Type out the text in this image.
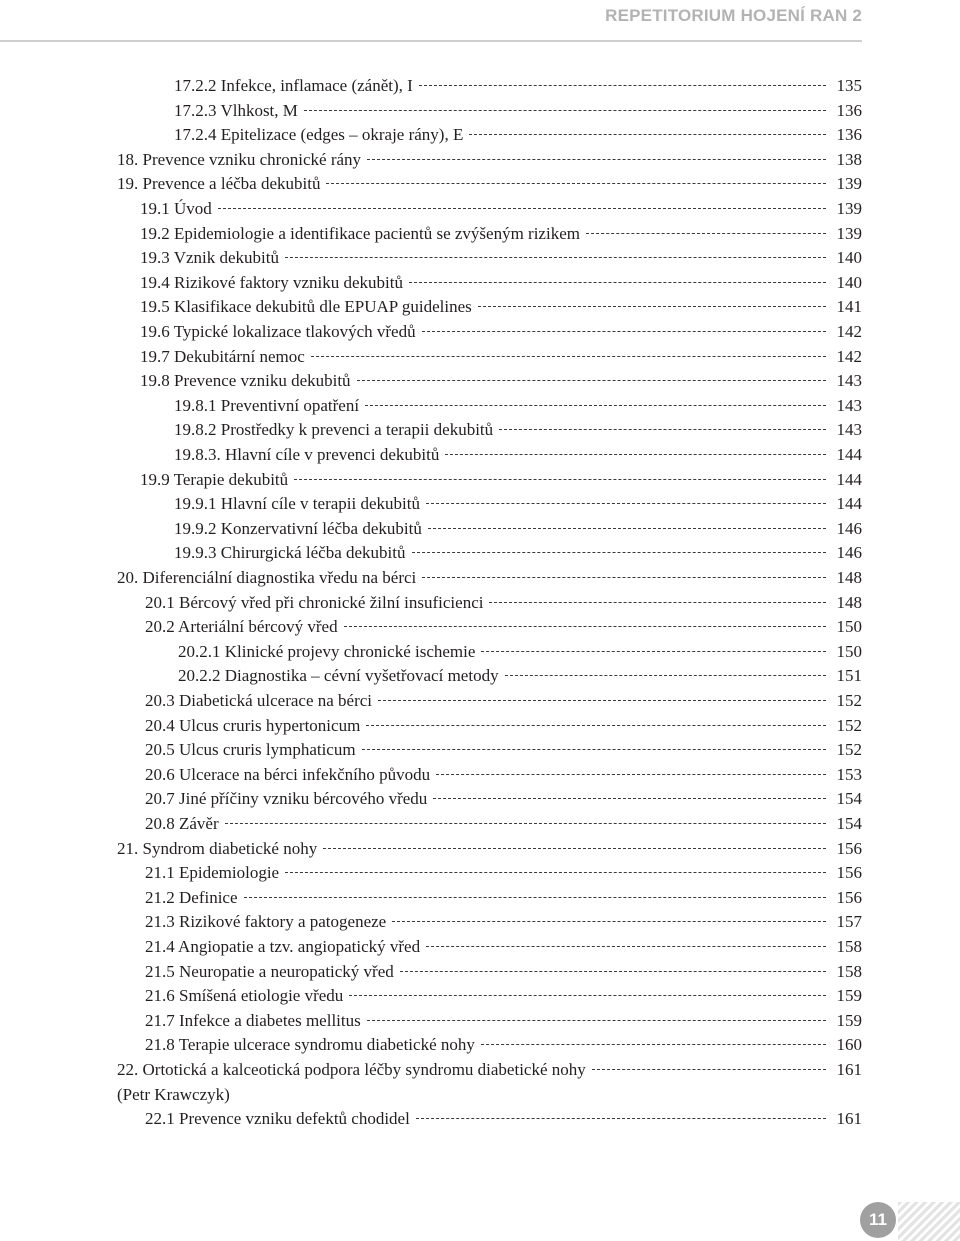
REPETITORIUM HOJENÍ RAN 2
17.2.2 Infekce, inflamace (zánět), I	135
17.2.3 Vlhkost, M	136
17.2.4 Epitelizace (edges – okraje rány), E	136
18. Prevence vzniku chronické rány	138
19. Prevence a léčba dekubitů	139
19.1 Úvod	139
19.2 Epidemiologie a identifikace pacientů se zvýšeným rizikem	139
19.3 Vznik dekubitů	140
19.4 Rizikové faktory vzniku dekubitů	140
19.5 Klasifikace dekubitů dle EPUAP guidelines	141
19.6 Typické lokalizace tlakových vředů	142
19.7 Dekubitární nemoc	142
19.8 Prevence vzniku dekubitů	143
19.8.1 Preventivní opatření	143
19.8.2 Prostředky k prevenci a terapii dekubitů	143
19.8.3. Hlavní cíle v prevenci dekubitů	144
19.9 Terapie dekubitů	144
19.9.1 Hlavní cíle v terapii dekubitů	144
19.9.2 Konzervativní léčba dekubitů	146
19.9.3 Chirurgická léčba dekubitů	146
20. Diferenciální diagnostika vředu na bérci	148
20.1 Bércový vřed při chronické žilní insuficienci	148
20.2 Arteriální bércový vřed	150
20.2.1 Klinické projevy chronické ischemie	150
20.2.2 Diagnostika – cévní vyšetřovací metody	151
20.3 Diabetická ulcerace na bérci	152
20.4 Ulcus cruris hypertonicum	152
20.5 Ulcus cruris lymphaticum	152
20.6 Ulcerace na bérci infekčního původu	153
20.7 Jiné příčiny vzniku bércového vředu	154
20.8 Závěr	154
21. Syndrom diabetické nohy	156
21.1 Epidemiologie	156
21.2 Definice	156
21.3 Rizikové faktory a patogeneze	157
21.4 Angiopatie a tzv. angiopatický vřed	158
21.5 Neuropatie a neuropatický vřed	158
21.6 Smíšená etiologie vředu	159
21.7 Infekce a diabetes mellitus	159
21.8 Terapie ulcerace syndromu diabetické nohy	160
22. Ortotická a kalceotická podpora léčby syndromu diabetické nohy	161
(Petr Krawczyk)
22.1 Prevence vzniku defektů chodidel	161
11
